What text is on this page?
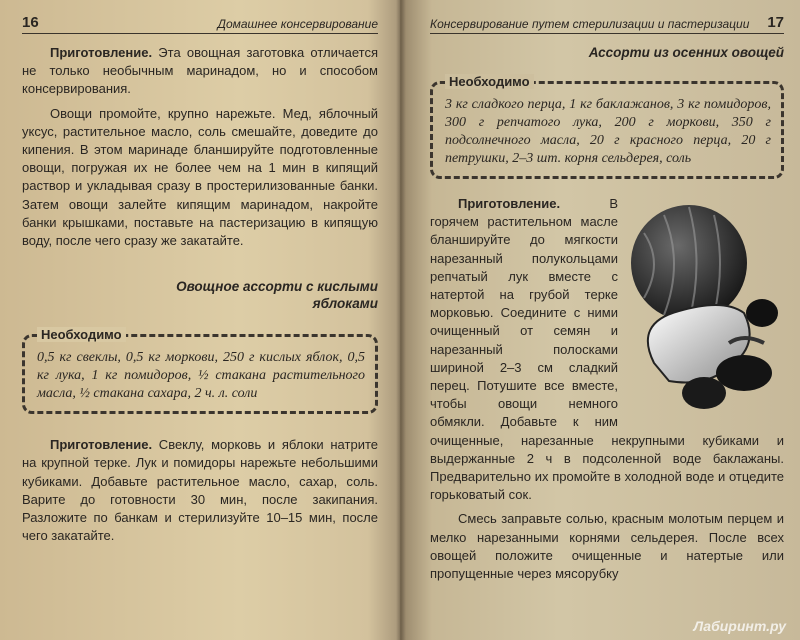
16	Домашнее консервирование

Приготовление. Эта овощная заготовка отличается не только необычным маринадом, но и способом консервирования.

Овощи промойте, крупно нарежьте. Мед, яблочный уксус, растительное масло, соль смешайте, доведите до кипения. В этом маринаде бланшируйте подготовленные овощи, погружая их не более чем на 1 мин в кипящий раствор и укладывая сразу в простерилизованные банки. Затем овощи залейте кипящим маринадом, накройте банки крышками, поставьте на пастеризацию в кипящую воду, после чего сразу же закатайте.

Овощное ассорти с кислыми
яблоками
Необходимо

0,5 кг свеклы, 0,5 кг моркови, 250 г кислых яблок, 0,5 кг лука, 1 кг помидоров, ½ стакана растительного масла, ½ стакана сахара, 2 ч. л. соли

Приготовление. Свеклу, морковь и яблоки натрите на крупной терке. Лук и помидоры нарежьте небольшими кубиками. Добавьте растительное масло, сахар, соль. Варите до готовности 30 мин, после закипания. Разложите по банкам и стерилизуйте 10–15 мин, после чего закатайте.

Консервирование путем стерилизации и пастеризации 17
Ассорти из осенних овощей
Необходимо

3 кг сладкого перца, 1 кг баклажанов, 3 кг помидоров, 300 г репчатого лука, 200 г моркови, 350 г подсолнечного масла, 20 г красного перца, 20 г петрушки, 2–3 шт. корня сельдерея, соль

Приготовление. В горячем растительном масле бланшируйте до мягкости нарезанный полукольцами репчатый лук вместе с натертой на грубой терке морковью. Соедините с ними очищенный от семян и нарезанный полосками шириной 2–3 см сладкий перец. Потушите все вместе, чтобы овощи немного обмякли. Добавьте к ним очищенные, нарезанные некрупными кубиками и выдержанные 2 ч в подсоленной воде баклажаны. Предварительно их промойте в холодной воде и отцедите горьковатый сок.

Смесь заправьте солью, красным молотым перцем и мелко нарезанными корнями сельдерея. После всех овощей положите очищенные и натертые или пропущенные через мясорубку

Лабиринт.ру
